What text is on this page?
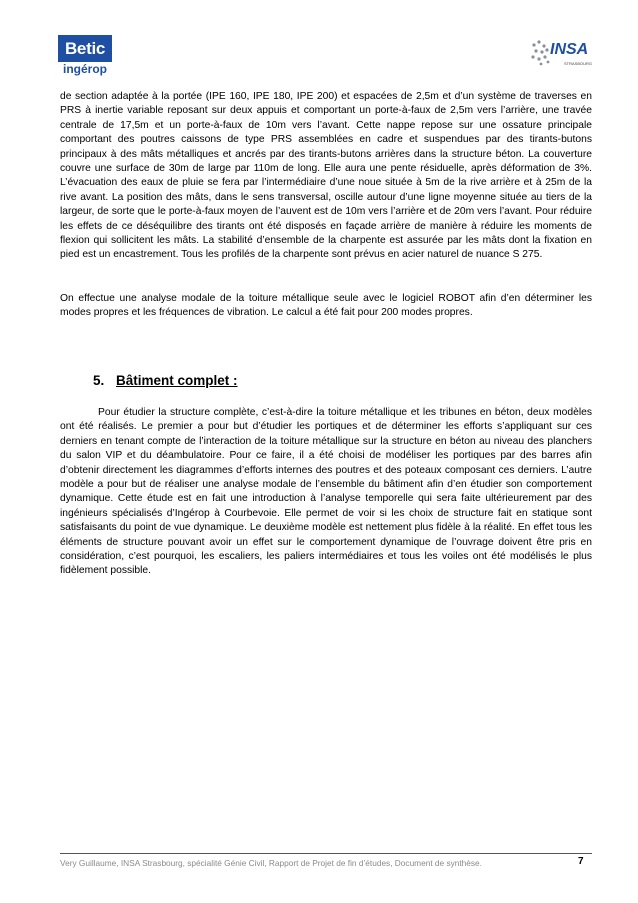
Betic
ingérop
INSA
STRASBOURG

de section adaptée à la portée (IPE 160, IPE 180, IPE 200) et espacées de 2,5m et d’un système de traverses en PRS à inertie variable reposant sur deux appuis et comportant un porte-à-faux de 2,5m vers l’arrière, une travée centrale de 17,5m et un porte-à-faux de 10m vers l’avant. Cette nappe repose sur une ossature principale comportant des poutres caissons de type PRS assemblées en cadre et suspendues par des tirants-butons principaux à des mâts métalliques et ancrés par des tirants-butons arrières dans la structure béton. La couverture couvre une surface de 30m de large par 110m de long. Elle aura une pente résiduelle, après déformation de 3%. L’évacuation des eaux de pluie se fera par l’intermédiaire d’une noue située à 5m de la rive arrière et à 25m de la rive avant. La position des mâts, dans le sens transversal, oscille autour d’une ligne moyenne située au tiers de la largeur, de sorte que le porte-à-faux moyen de l’auvent est de 10m vers l’arrière et de 20m vers l’avant. Pour réduire les effets de ce déséquilibre des tirants ont été disposés en façade arrière de manière à réduire les moments de flexion qui sollicitent les mâts. La stabilité d’ensemble de la charpente est assurée par les mâts dont la fixation en pied est un encastrement. Tous les profilés de la charpente sont prévus en acier naturel de nuance S 275.

On effectue une analyse modale de la toiture métallique seule avec le logiciel ROBOT afin d’en déterminer les modes propres et les fréquences de vibration. Le calcul a été fait pour 200 modes propres.

5. Bâtiment complet :

Pour étudier la structure complète, c’est-à-dire la toiture métallique et les tribunes en béton, deux modèles ont été réalisés. Le premier a pour but d’étudier les portiques et de déterminer les efforts s’appliquant sur ces derniers en tenant compte de l’interaction de la toiture métallique sur la structure en béton au niveau des planchers du salon VIP et du déambulatoire. Pour ce faire, il a été choisi de modéliser les portiques par des barres afin d’obtenir directement les diagrammes d’efforts internes des poutres et des poteaux composant ces derniers. L’autre modèle a pour but de réaliser une analyse modale de l’ensemble du bâtiment afin d’en étudier son comportement dynamique. Cette étude est en fait une introduction à l’analyse temporelle qui sera faite ultérieurement par des ingénieurs spécialisés d’Ingérop à Courbevoie. Elle permet de voir si les choix de structure fait en statique sont satisfaisants du point de vue dynamique. Le deuxième modèle est nettement plus fidèle à la réalité. En effet tous les éléments de structure pouvant avoir un effet sur le comportement dynamique de l’ouvrage doivent être pris en considération, c’est pourquoi, les escaliers, les paliers intermédiaires et tous les voiles ont été modélisés le plus fidèlement possible.

Very Guillaume, INSA Strasbourg, spécialité Génie Civil, Rapport de Projet de fin d’études, Document de synthèse.	7
